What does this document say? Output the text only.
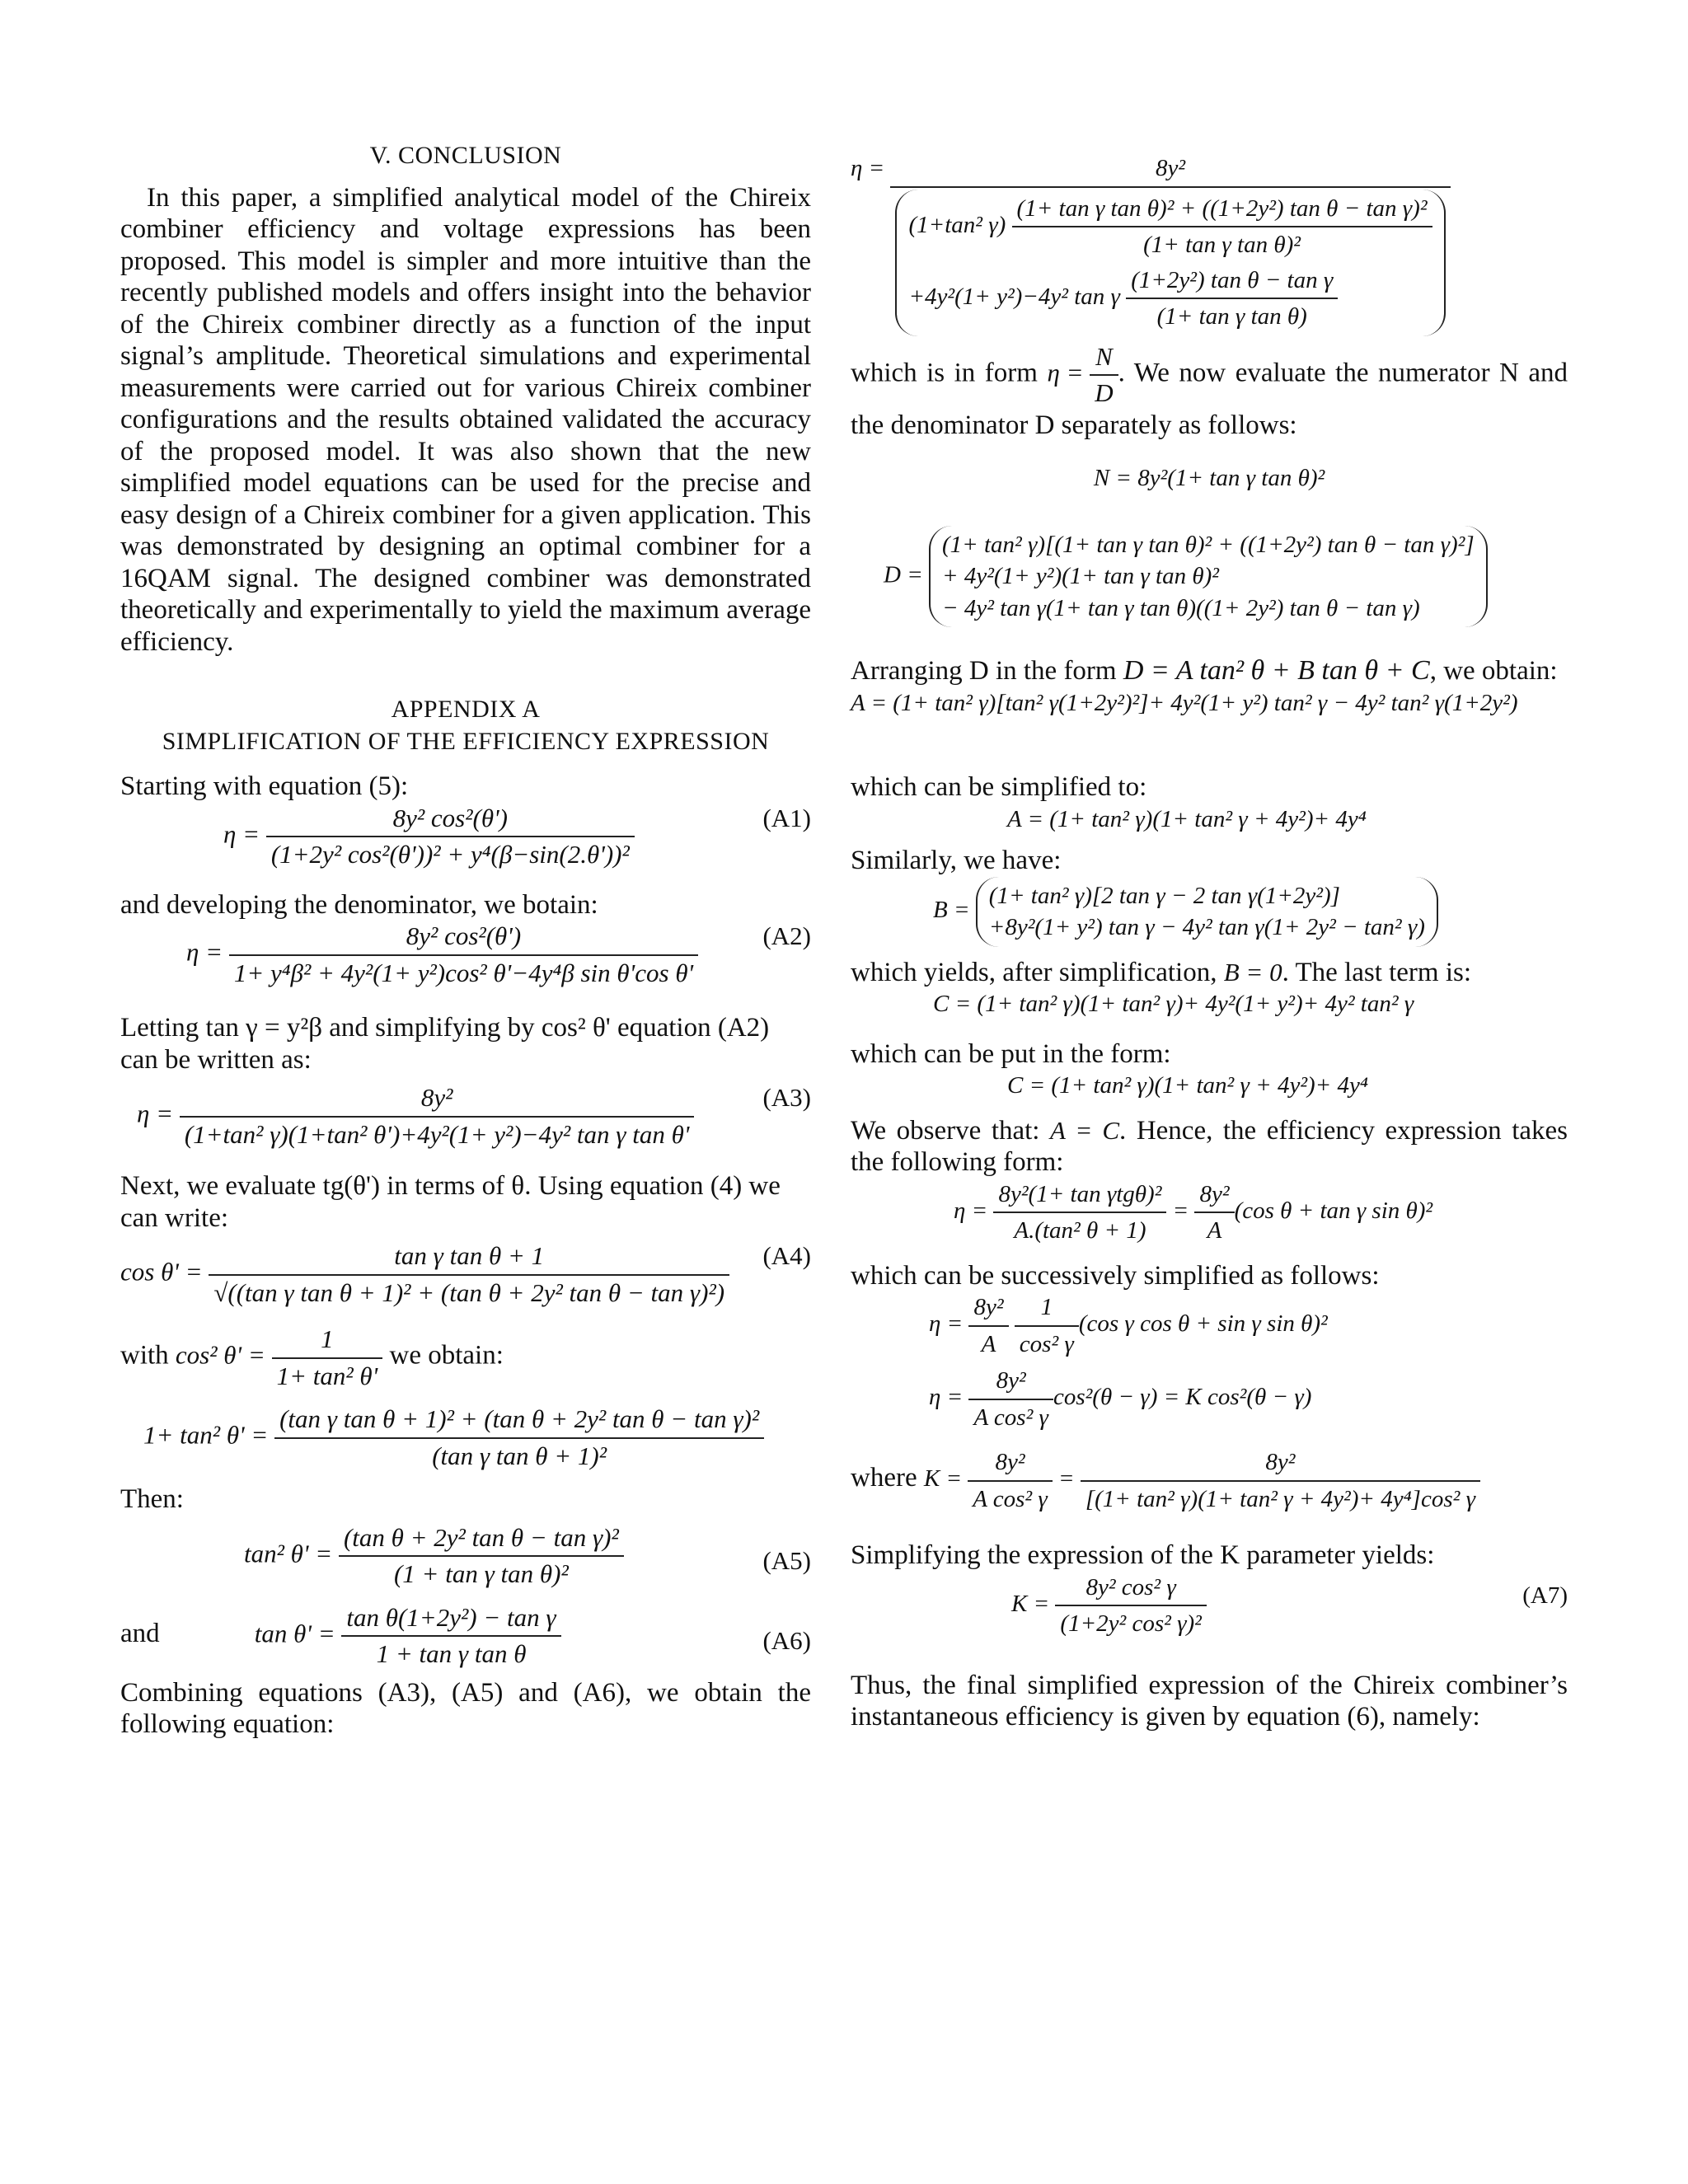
V. CONCLUSION

In this paper, a simplified analytical model of the Chireix combiner efficiency and voltage expressions has been proposed. This model is simpler and more intuitive than the recently published models and offers insight into the behavior of the Chireix combiner directly as a function of the input signal’s amplitude. Theoretical simulations and experimental measurements were carried out for various Chireix combiner configurations and the results obtained validated the accuracy of the proposed model. It was also shown that the new simplified model equations can be used for the precise and easy design of a Chireix combiner for a given application. This was demonstrated by designing an optimal combiner for a 16QAM signal. The designed combiner was demonstrated theoretically and experimentally to yield the maximum average efficiency.

APPENDIX A
SIMPLIFICATION OF THE EFFICIENCY EXPRESSION
Starting with equation (5):
$\eta = \frac{\text{8y² cos²(θ')}}{\text{(1+2y² cos²(θ'))² + y⁴(β−sin(2.θ'))²}}$	(A1)
and developing the denominator, we botain:
$\eta = \frac{\text{8y² cos²(θ')}}{\text{1+ y⁴β² + 4y²(1+ y²)cos² θ'−4y⁴β sin θ'cos θ'}}$	(A2)
Letting tan γ = y²β and simplifying by cos² θ' equation (A2) can be written as:
$\eta = \frac{\text{8y²}}{\text{(1+tan² γ)(1+tan² θ')+4y²(1+ y²)−4y² tan γ tan θ'}}$	(A3)
Next, we evaluate tg(θ') in terms of θ. Using equation (4) we can write:
$\cos \theta' = \frac{\text{tan γ tan θ + 1}}{\text{√((tan γ tan θ + 1)² + (tan θ + 2y² tan θ − tan γ)²)}} (A4)$
with cos² $\theta' = \frac{1}{\text{1+ tan² θ'}}$ we obtain:
1+ tan² $\theta' = \frac{\text{(tan γ tan θ + 1)² + (tan θ + 2y² tan θ − tan γ)²}}{\text{(tan γ tan θ + 1)²}}$
Then:
tan² $\theta' = \frac{\text{(tan θ + 2y² tan θ − tan γ)²}}{\text{(1 + tan γ tan θ)²}}$	(A5)
and	$\tan \theta' = \frac{\text{tan θ(1+2y²) − tan γ}}{\text{1 + tan γ tan θ}}$	(A6)

Combining equations (A3), (A5) and (A6), we obtain the following equation:

η =	8y²
(1+tan² $\gamma) \frac{\text{(1+ tan γ tan θ)² + ((1+2y²) tan θ − tan γ)²}}{\text{(1+ tan γ tan θ)²}}$
+4y²(1+ y²)−4y² tan γ $\frac{\text{(1+2y²) tan θ − tan γ}}{\text{(1+ tan γ tan θ)}}$
which is in form $\eta = \frac{N}{D}$ . We now evaluate the numerator N and the denominator D separately as follows:
N = 8y²(1+ tan γ tan θ)²
D =
(1+ tan² γ)[(1+ tan γ tan θ)² + ((1+2y²) tan θ − tan γ)²]
+ 4y²(1+ y²)(1+ tan γ tan θ)²
− 4y² tan γ(1+ tan γ tan θ)((1+ 2y²) tan θ − tan γ)
Arranging D in the form D = A tan² θ + B tan θ + C, we obtain:
A = (1+ tan² γ)[tan² γ(1+2y²)²]+ 4y²(1+ y²) tan² γ − 4y² tan² γ(1+2y²)
which can be simplified to:
A = (1+ tan² γ)(1+ tan² γ + 4y²)+ 4y⁴
Similarly, we have:
B =
(1+ tan² γ)[2 tan γ − 2 tan γ(1+2y²)]
+8y²(1+ y²) tan γ − 4y² tan γ(1+ 2y² − tan² γ)
which yields, after simplification, B = 0. The last term is:
C = (1+ tan² γ)(1+ tan² γ)+ 4y²(1+ y²)+ 4y² tan² γ
which can be put in the form:
C = (1+ tan² γ)(1+ tan² γ + 4y²)+ 4y⁴
We observe that: A = C. Hence, the efficiency expression takes the following form:
$\eta = \frac{\text{8y²(1+ tan γtgθ)²}}{\text{A.(tan² θ + 1)}} = \frac{\text{8y²}}{A} (\cos$ θ + tan γ sin θ)²
which can be successively simplified as follows:
$\eta = \frac{\text{8y²}}{A}$
$\frac{1}{\text{cos² γ}} (\cos$ γ cos θ + sin γ sin θ)²
$\eta = \frac{\text{8y²}}{\text{A cos² γ}} \cos^2(\theta - \gamma) = K$ cos²(θ − γ)
where $K = \frac{\text{8y²}}{\text{A cos² γ}} = \frac{\text{8y²}}{\text{[(1+ tan² γ)(1+ tan² γ + 4y²)+ 4y⁴]cos² γ}}$
Simplifying the expression of the K parameter yields:
$K = \frac{\text{8y² cos² γ}}{\text{(1+2y² cos² γ)²}}$	(A7)

Thus, the final simplified expression of the Chireix combiner’s instantaneous efficiency is given by equation (6), namely:
